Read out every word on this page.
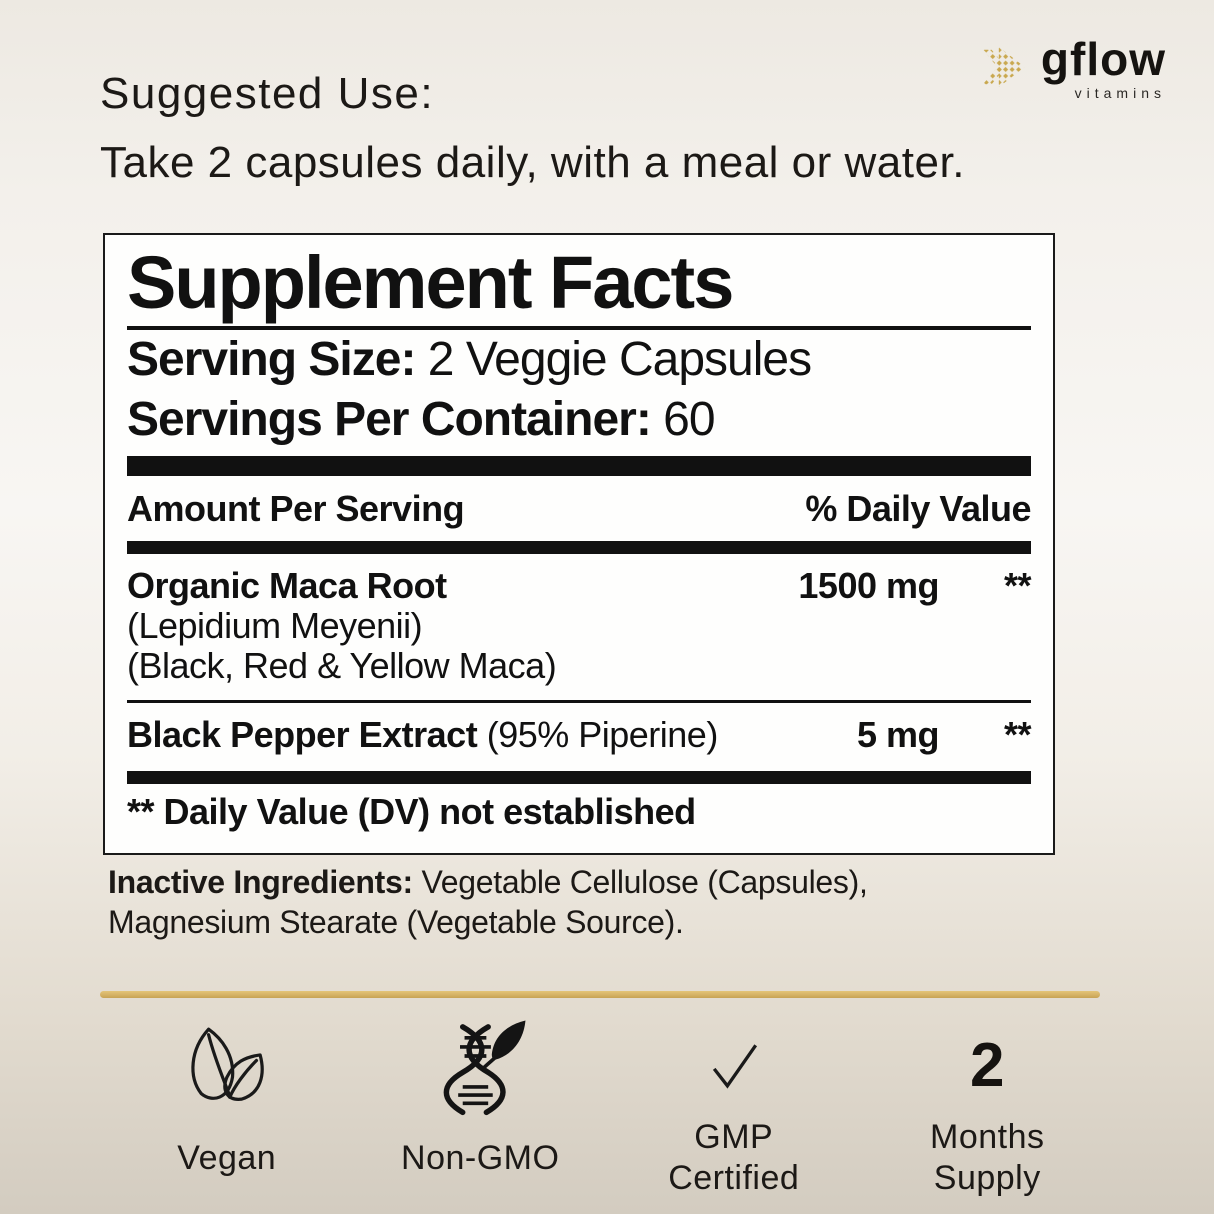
gflow
vitamins
Suggested Use:
Take 2 capsules daily, with a meal or water.
Supplement Facts
Serving Size: 2 Veggie Capsules
Servings Per Container: 60
Amount Per Serving	% Daily Value
Organic Maca Root	1500 mg	**
(Lepidium Meyenii)
(Black, Red & Yellow Maca)
Black Pepper Extract (95% Piperine)	5 mg	**
** Daily Value (DV) not established
Inactive Ingredients: Vegetable Cellulose (Capsules),
Magnesium Stearate (Vegetable Source).
Vegan	Non-GMO
GMP
Certified
2
Months
Supply
